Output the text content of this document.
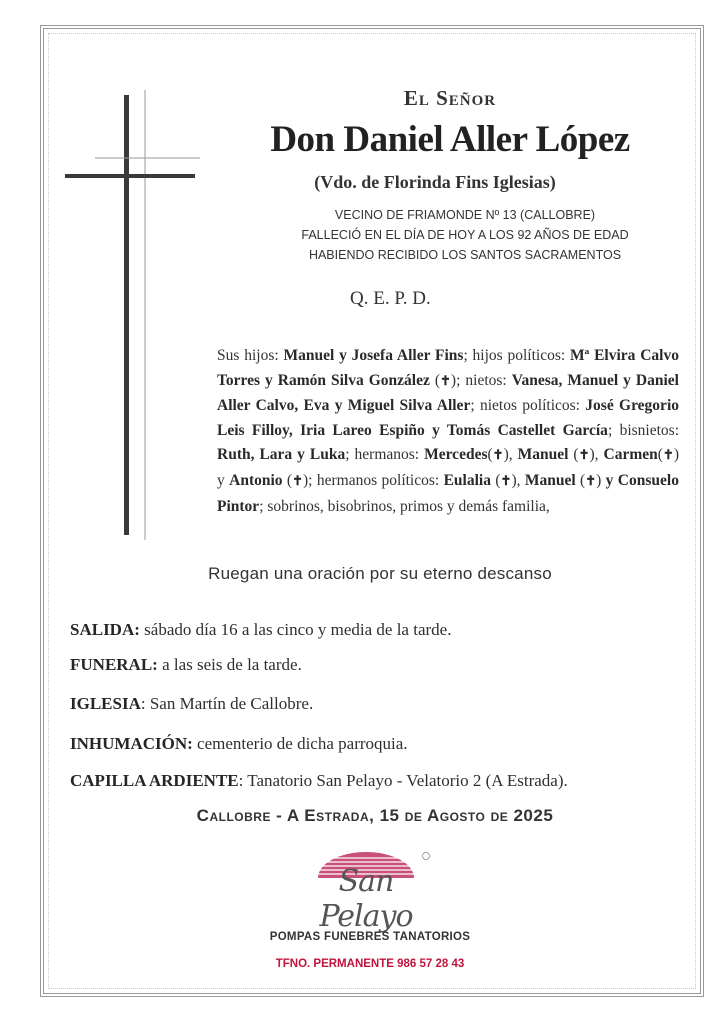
El Señor
Don Daniel Aller López
(Vdo. de Florinda Fins Iglesias)
VECINO DE FRIAMONDE Nº 13 (CALLOBRE)
FALLECIÓ EN EL DÍA DE HOY A LOS 92 AÑOS DE EDAD
HABIENDO RECIBIDO LOS SANTOS SACRAMENTOS
Q. E. P. D.
Sus hijos: Manuel y Josefa Aller Fins; hijos políticos: Mª Elvira Calvo Torres y Ramón Silva González (✝); nietos: Vanesa, Manuel y Daniel Aller Calvo, Eva y Miguel Silva Aller; nietos políticos: José Gregorio Leis Filloy, Iria Lareo Espiño y Tomás Castellet García; bisnietos: Ruth, Lara y Luka; hermanos: Mercedes(✝), Manuel (✝), Carmen(✝) y Antonio (✝); hermanos políticos: Eulalia (✝), Manuel (✝) y Consuelo Pintor; sobrinos, bisobrinos, primos y demás familia,
Ruegan una oración por su eterno descanso
SALIDA: sábado día 16 a las cinco y media de la tarde.
FUNERAL: a las seis de la tarde.
IGLESIA: San Martín de Callobre.
INHUMACIÓN: cementerio de dicha parroquia.
CAPILLA ARDIENTE: Tanatorio San Pelayo - Velatorio 2 (A Estrada).
Callobre - A Estrada, 15 de Agosto de 2025
San Pelayo
POMPAS FUNEBRES TANATORIOS
TFNO. PERMANENTE 986 57 28 43
